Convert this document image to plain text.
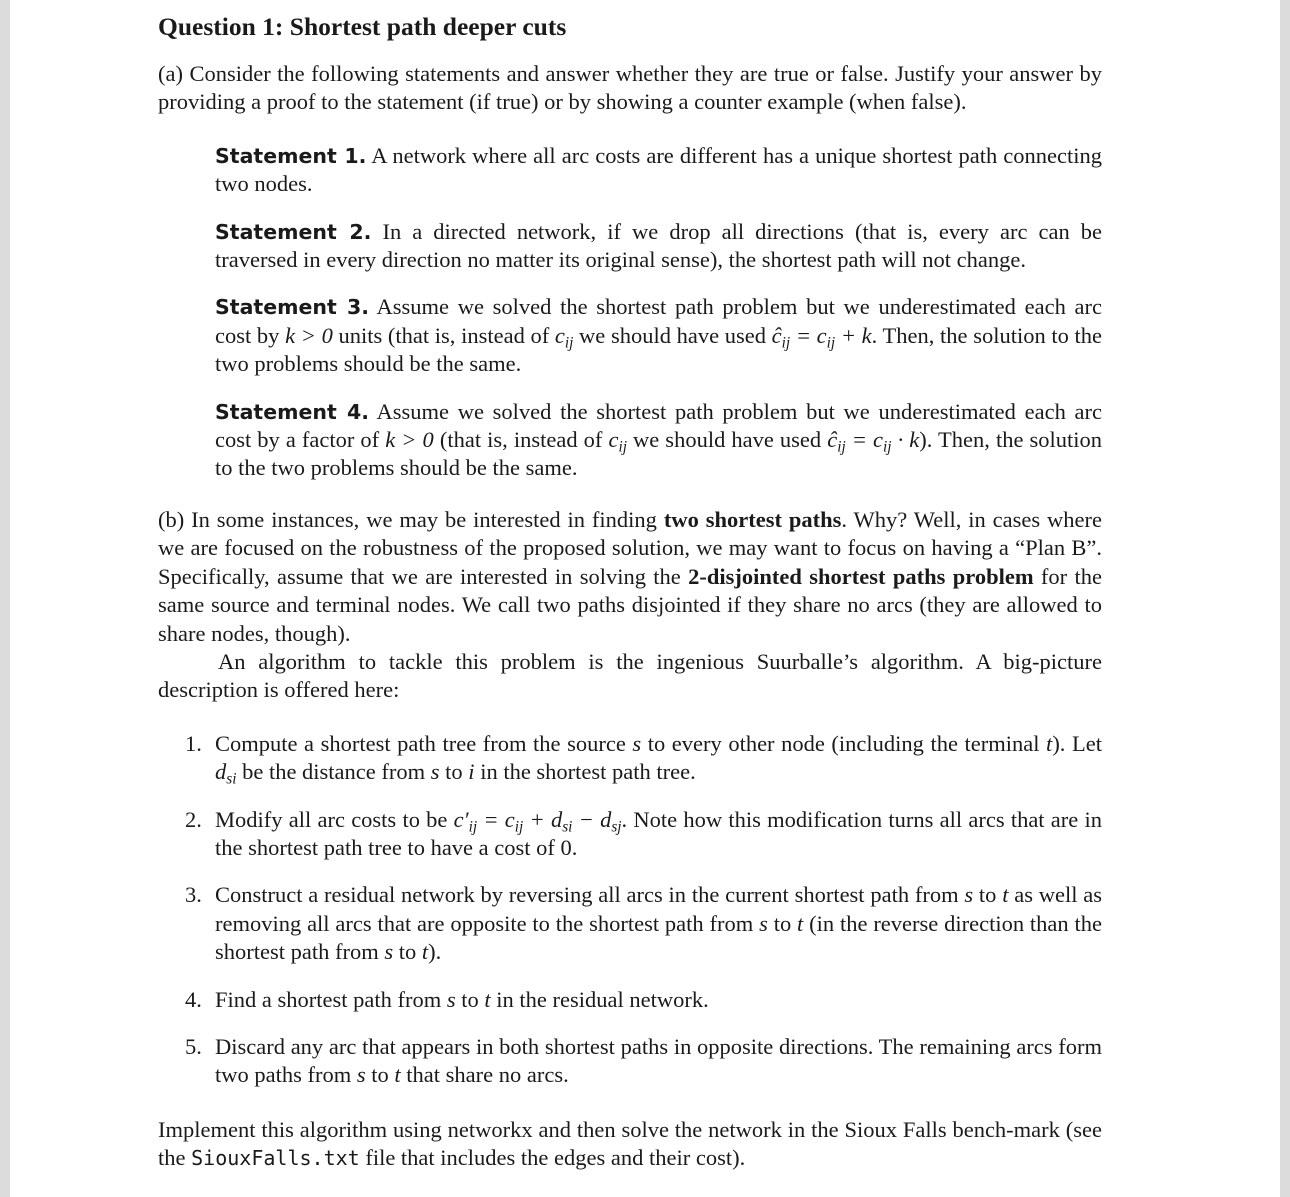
Question 1: Shortest path deeper cuts

(a) Consider the following statements and answer whether they are true or false. Justify your answer by providing a proof to the statement (if true) or by showing a counter example (when false).

Statement 1. A network where all arc costs are different has a unique shortest path connecting two nodes.

Statement 2. In a directed network, if we drop all directions (that is, every arc can be traversed in every direction no matter its original sense), the shortest path will not change.

Statement 3. Assume we solved the shortest path problem but we underestimated each arc cost by k > 0 units (that is, instead of $c_{ij}$ we should have used $ĉ_{ij} = c_{ij} + k$. Then, the solution to the two problems should be the same.

Statement 4. Assume we solved the shortest path problem but we underestimated each arc cost by a factor of k > 0 (that is, instead of $c_{ij}$ we should have used $ĉ_{ij} = c_{ij} \cdot k$). Then, the solution to the two problems should be the same.

(b) In some instances, we may be interested in finding two shortest paths. Why? Well, in cases where we are focused on the robustness of the proposed solution, we may want to focus on having a “Plan B”. Specifically, assume that we are interested in solving the 2-disjointed shortest paths problem for the same source and terminal nodes. We call two paths disjointed if they share no arcs (they are allowed to share nodes, though).

An algorithm to tackle this problem is the ingenious Suurballe’s algorithm. A big-picture description is offered here:

1. Compute a shortest path tree from the source s to every other node (including the terminal t). Let $d_{si}$ be the distance from s to i in the shortest path tree.
2. Modify all arc costs to be $c'_{ij} = c_{ij} + d_{si} - d_{sj}$. Note how this modification turns all arcs that are in the shortest path tree to have a cost of 0.
3. Construct a residual network by reversing all arcs in the current shortest path from s to t as well as removing all arcs that are opposite to the shortest path from s to t (in the reverse direction than the shortest path from s to t).
4. Find a shortest path from s to t in the residual network.
5. Discard any arc that appears in both shortest paths in opposite directions. The remaining arcs form two paths from s to t that share no arcs.

Implement this algorithm using networkx and then solve the network in the Sioux Falls bench-mark (see the SiouxFalls.txt file that includes the edges and their cost).
